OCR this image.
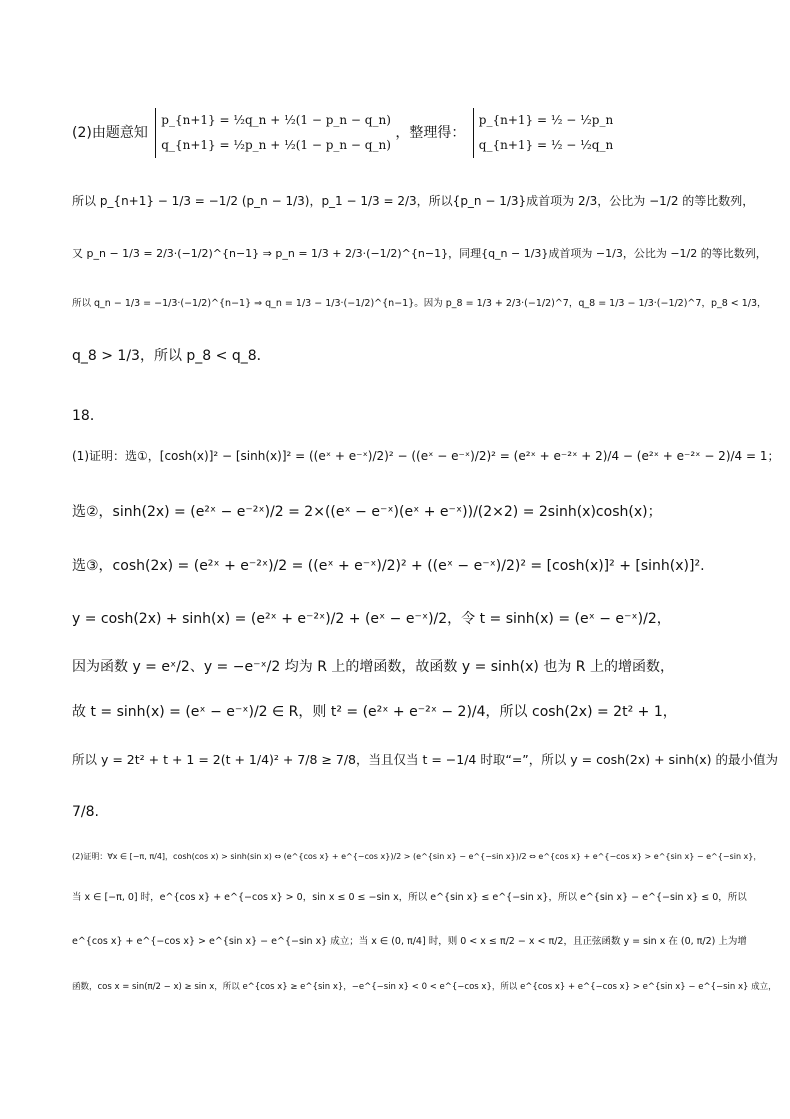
(2)由题意知
p_{n+1} = ½q_n + ½(1 − p_n − q_n)
q_{n+1} = ½p_n + ½(1 − p_n − q_n)
，整理得：
p_{n+1} = ½ − ½p_n
q_{n+1} = ½ − ½q_n
所以 p_{n+1} − 1/3 = −1/2 (p_n − 1/3)，p_1 − 1/3 = 2/3，所以{p_n − 1/3}成首项为 2/3，公比为 −1/2 的等比数列，
又 p_n − 1/3 = 2/3·(−1/2)^{n−1} ⇒ p_n = 1/3 + 2/3·(−1/2)^{n−1}，同理{q_n − 1/3}成首项为 −1/3，公比为 −1/2 的等比数列，
所以 q_n − 1/3 = −1/3·(−1/2)^{n−1} ⇒ q_n = 1/3 − 1/3·(−1/2)^{n−1}。因为 p_8 = 1/3 + 2/3·(−1/2)^7，q_8 = 1/3 − 1/3·(−1/2)^7，p_8 < 1/3，
q_8 > 1/3，所以 p_8 < q_8．
18．
(1)证明：选①，[cosh(x)]² − [sinh(x)]² = ((eˣ + e⁻ˣ)/2)² − ((eˣ − e⁻ˣ)/2)² = (e²ˣ + e⁻²ˣ + 2)/4 − (e²ˣ + e⁻²ˣ − 2)/4 = 1；
选②，sinh(2x) = (e²ˣ − e⁻²ˣ)/2 = 2×((eˣ − e⁻ˣ)(eˣ + e⁻ˣ))/(2×2) = 2sinh(x)cosh(x)；
选③，cosh(2x) = (e²ˣ + e⁻²ˣ)/2 = ((eˣ + e⁻ˣ)/2)² + ((eˣ − e⁻ˣ)/2)² = [cosh(x)]² + [sinh(x)]².
y = cosh(2x) + sinh(x) = (e²ˣ + e⁻²ˣ)/2 + (eˣ − e⁻ˣ)/2，令 t = sinh(x) = (eˣ − e⁻ˣ)/2，
因为函数 y = eˣ/2、y = −e⁻ˣ/2 均为 R 上的增函数，故函数 y = sinh(x) 也为 R 上的增函数，
故 t = sinh(x) = (eˣ − e⁻ˣ)/2 ∈ R，则 t² = (e²ˣ + e⁻²ˣ − 2)/4，所以 cosh(2x) = 2t² + 1，
所以 y = 2t² + t + 1 = 2(t + 1/4)² + 7/8 ≥ 7/8，当且仅当 t = −1/4 时取“=”，所以 y = cosh(2x) + sinh(x) 的最小值为
7/8.
(2)证明：∀x ∈ [−π, π/4]，cosh(cos x) > sinh(sin x) ⇔ (e^{cos x} + e^{−cos x})/2 > (e^{sin x} − e^{−sin x})/2 ⇔ e^{cos x} + e^{−cos x} > e^{sin x} − e^{−sin x}，
当 x ∈ [−π, 0] 时，e^{cos x} + e^{−cos x} > 0，sin x ≤ 0 ≤ −sin x，所以 e^{sin x} ≤ e^{−sin x}，所以 e^{sin x} − e^{−sin x} ≤ 0，所以
e^{cos x} + e^{−cos x} > e^{sin x} − e^{−sin x} 成立；当 x ∈ (0, π/4] 时，则 0 < x ≤ π/2 − x < π/2，且正弦函数 y = sin x 在 (0, π/2) 上为增
函数，cos x = sin(π/2 − x) ≥ sin x，所以 e^{cos x} ≥ e^{sin x}，−e^{−sin x} < 0 < e^{−cos x}，所以 e^{cos x} + e^{−cos x} > e^{sin x} − e^{−sin x} 成立，
